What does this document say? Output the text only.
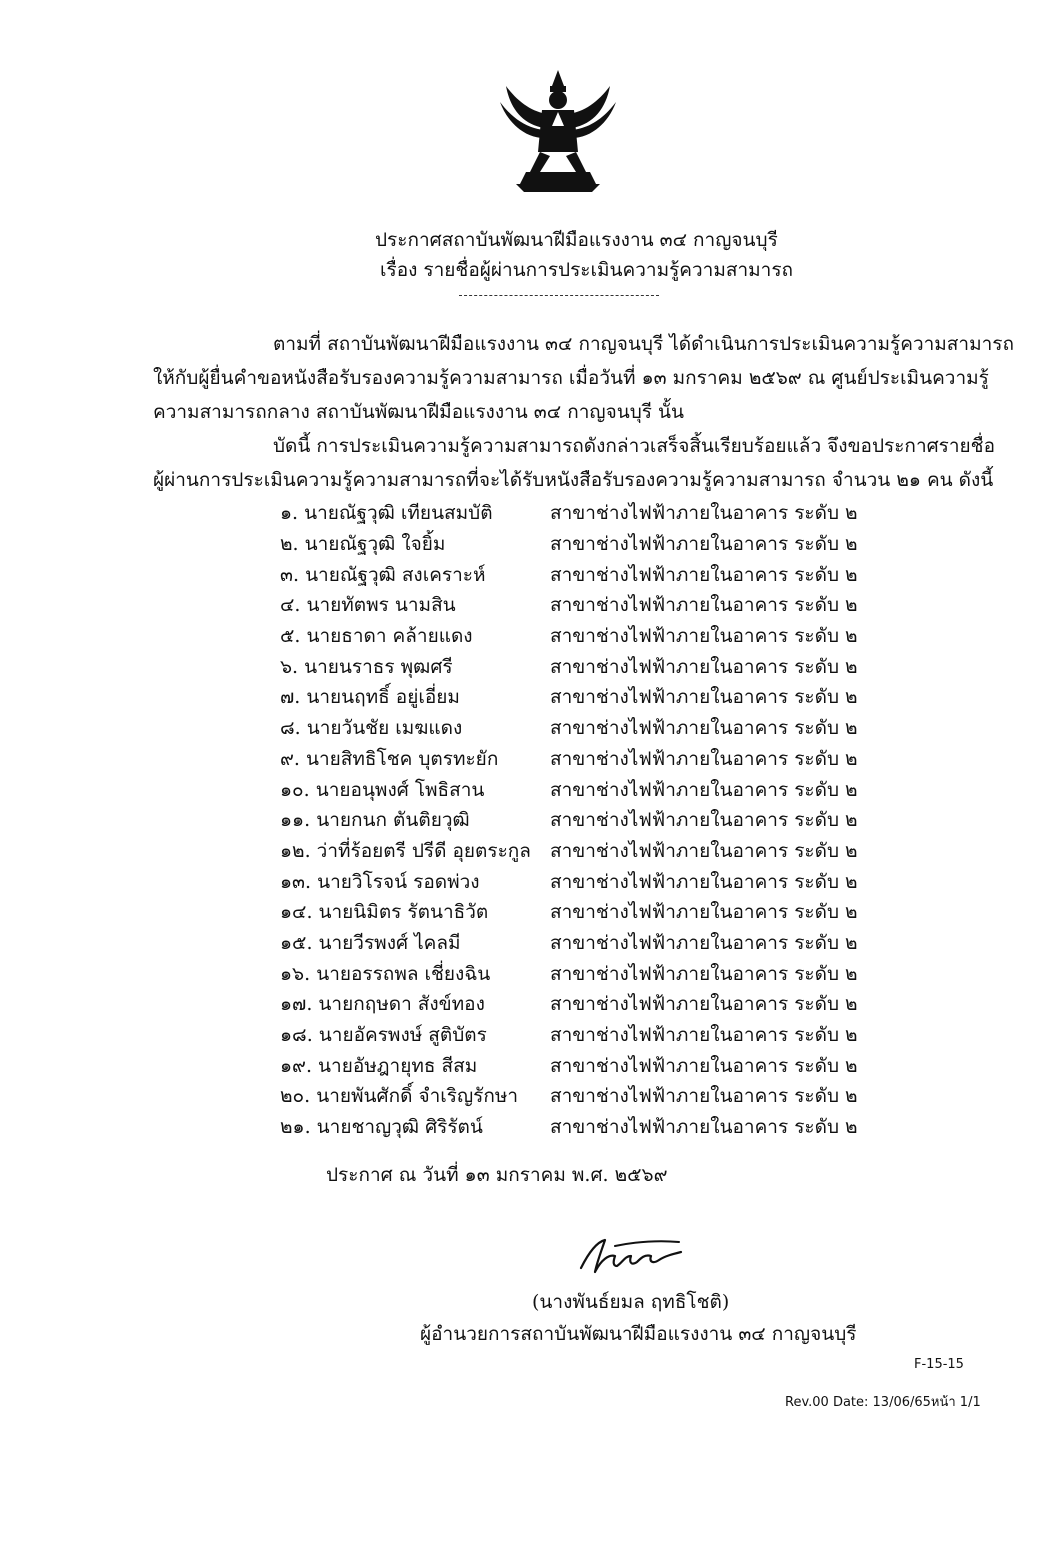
ประกาศสถาบันพัฒนาฝีมือแรงงาน ๓๔ กาญจนบุรี
เรื่อง รายชื่อผู้ผ่านการประเมินความรู้ความสามารถ
ตามที่ สถาบันพัฒนาฝีมือแรงงาน ๓๔ กาญจนบุรี ได้ดำเนินการประเมินความรู้ความสามารถ
ให้กับผู้ยื่นคำขอหนังสือรับรองความรู้ความสามารถ เมื่อวันที่ ๑๓ มกราคม ๒๕๖๙ ณ ศูนย์ประเมินความรู้
ความสามารถกลาง สถาบันพัฒนาฝีมือแรงงาน ๓๔ กาญจนบุรี นั้น
บัดนี้ การประเมินความรู้ความสามารถดังกล่าวเสร็จสิ้นเรียบร้อยแล้ว จึงขอประกาศรายชื่อ
ผู้ผ่านการประเมินความรู้ความสามารถที่จะได้รับหนังสือรับรองความรู้ความสามารถ จำนวน ๒๑ คน ดังนี้
๑. นายณัฐวุฒิ เทียนสมบัติ	สาขาช่างไฟฟ้าภายในอาคาร ระดับ ๒
๒. นายณัฐวุฒิ ใจยิ้ม	สาขาช่างไฟฟ้าภายในอาคาร ระดับ ๒
๓. นายณัฐวุฒิ สงเคราะห์	สาขาช่างไฟฟ้าภายในอาคาร ระดับ ๒
๔. นายทัตพร นามสิน	สาขาช่างไฟฟ้าภายในอาคาร ระดับ ๒
๕. นายธาดา คล้ายแดง	สาขาช่างไฟฟ้าภายในอาคาร ระดับ ๒
๖. นายนราธร พุฒศรี	สาขาช่างไฟฟ้าภายในอาคาร ระดับ ๒
๗. นายนฤทธิ์ อยู่เอี่ยม	สาขาช่างไฟฟ้าภายในอาคาร ระดับ ๒
๘. นายวันชัย เมฆแดง	สาขาช่างไฟฟ้าภายในอาคาร ระดับ ๒
๙. นายสิทธิโชค บุตรทะยัก	สาขาช่างไฟฟ้าภายในอาคาร ระดับ ๒
๑๐. นายอนุพงศ์ โพธิสาน	สาขาช่างไฟฟ้าภายในอาคาร ระดับ ๒
๑๑. นายกนก ตันติยวุฒิ	สาขาช่างไฟฟ้าภายในอาคาร ระดับ ๒
๑๒. ว่าที่ร้อยตรี ปรีดี อุยตระกูล	สาขาช่างไฟฟ้าภายในอาคาร ระดับ ๒
๑๓. นายวิโรจน์ รอดพ่วง	สาขาช่างไฟฟ้าภายในอาคาร ระดับ ๒
๑๔. นายนิมิตร รัตนาธิวัต	สาขาช่างไฟฟ้าภายในอาคาร ระดับ ๒
๑๕. นายวีรพงศ์ ไคลมี	สาขาช่างไฟฟ้าภายในอาคาร ระดับ ๒
๑๖. นายอรรถพล เชี่ยงฉิน	สาขาช่างไฟฟ้าภายในอาคาร ระดับ ๒
๑๗. นายกฤษดา สังข์ทอง	สาขาช่างไฟฟ้าภายในอาคาร ระดับ ๒
๑๘. นายอัครพงษ์ สูติบัตร	สาขาช่างไฟฟ้าภายในอาคาร ระดับ ๒
๑๙. นายอัษฎายุทธ สีสม	สาขาช่างไฟฟ้าภายในอาคาร ระดับ ๒
๒๐. นายพันศักดิ์ จำเริญรักษา	สาขาช่างไฟฟ้าภายในอาคาร ระดับ ๒
๒๑. นายชาญวุฒิ ศิริรัตน์	สาขาช่างไฟฟ้าภายในอาคาร ระดับ ๒
ประกาศ ณ วันที่ ๑๓ มกราคม พ.ศ. ๒๕๖๙
(นางพันธ์ยมล ฤทธิโชติ)
ผู้อำนวยการสถาบันพัฒนาฝีมือแรงงาน ๓๔ กาญจนบุรี
F-15-15
Rev.00 Date: 13/06/65หน้า 1/1
